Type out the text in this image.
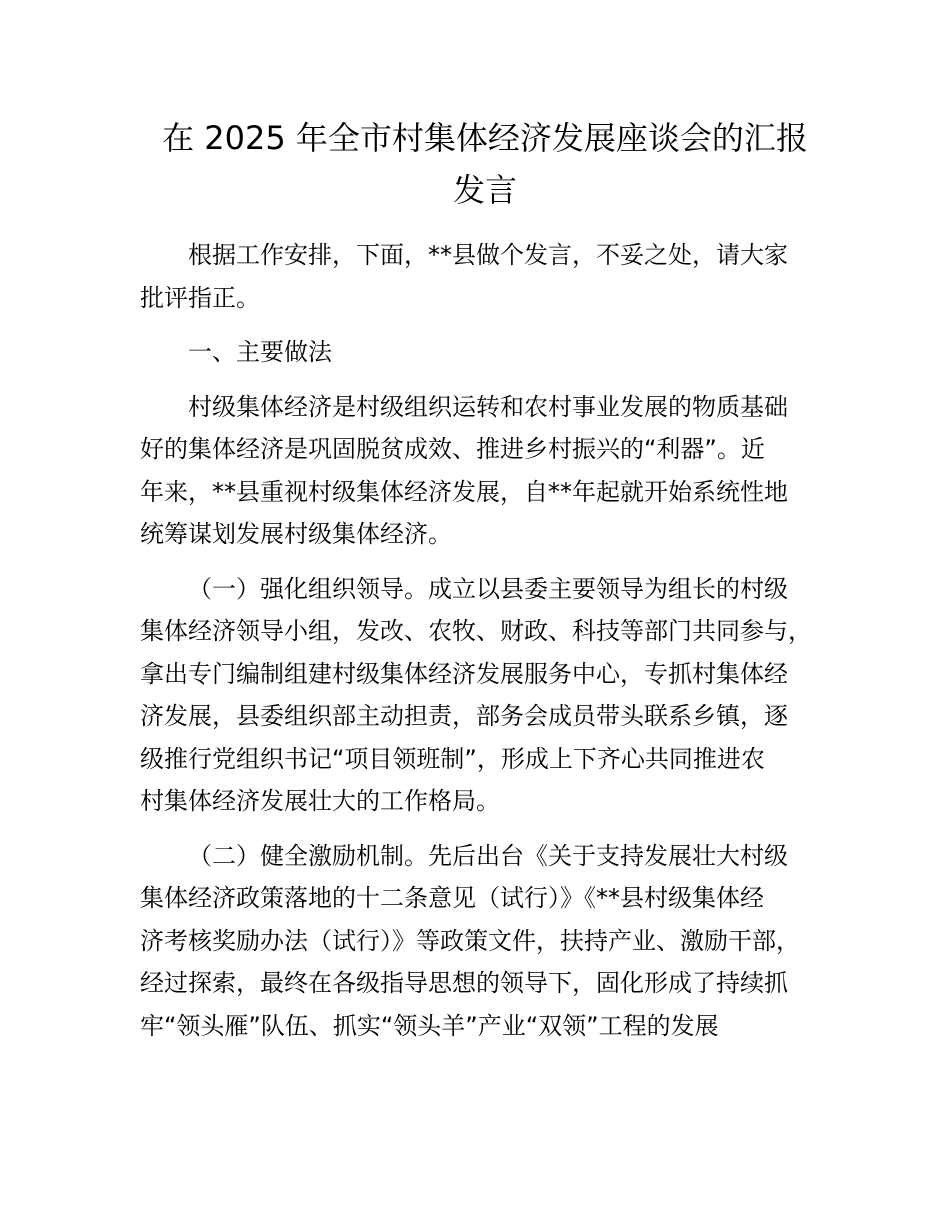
在 2025 年全市村集体经济发展座谈会的汇报
发言

根据工作安排，下面，**县做个发言，不妥之处，请大家
批评指正。

一、主要做法

村级集体经济是村级组织运转和农村事业发展的物质基础
好的集体经济是巩固脱贫成效、推进乡村振兴的“利器”。近
年来，**县重视村级集体经济发展，自**年起就开始系统性地
统筹谋划发展村级集体经济。

（一）强化组织领导。成立以县委主要领导为组长的村级
集体经济领导小组，发改、农牧、财政、科技等部门共同参与，
拿出专门编制组建村级集体经济发展服务中心，专抓村集体经
济发展，县委组织部主动担责，部务会成员带头联系乡镇，逐
级推行党组织书记“项目领班制”，形成上下齐心共同推进农
村集体经济发展壮大的工作格局。

（二）健全激励机制。先后出台《关于支持发展壮大村级
集体经济政策落地的十二条意见（试行）》《**县村级集体经
济考核奖励办法（试行）》等政策文件，扶持产业、激励干部，
经过探索，最终在各级指导思想的领导下，固化形成了持续抓
牢“领头雁”队伍、抓实“领头羊”产业“双领”工程的发展
